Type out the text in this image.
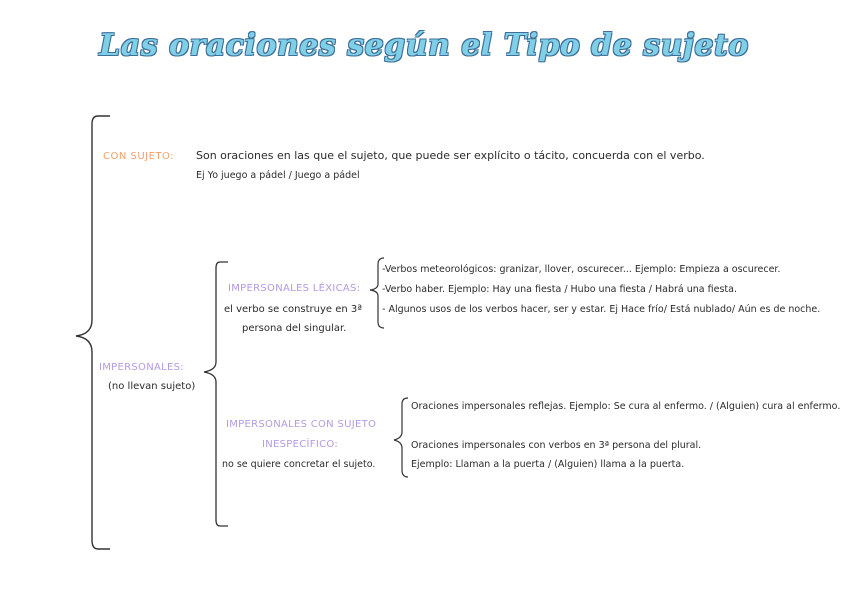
Las oraciones según el Tipo de sujeto
CON SUJETO: Son oraciones en las que el sujeto, que puede ser explícito o tácito, concuerda con el verbo.
Ej Yo juego a pádel / Juego a pádel
IMPERSONALES:
(no llevan sujeto)
IMPERSONALES LÉXICAS:
el verbo se construye en 3ª
persona del singular.
-Verbos meteorológicos: granizar, llover, oscurecer... Ejemplo: Empieza a oscurecer.
-Verbo haber. Ejemplo: Hay una fiesta / Hubo una fiesta / Habrá una fiesta.
- Algunos usos de los verbos hacer, ser y estar. Ej Hace frío/ Está nublado/ Aún es de noche.
IMPERSONALES CON SUJETO
INESPECÍFICO:
no se quiere concretar el sujeto.
Oraciones impersonales reflejas. Ejemplo: Se cura al enfermo. / (Alguien) cura al enfermo.
Oraciones impersonales con verbos en 3ª persona del plural.
Ejemplo: Llaman a la puerta / (Alguien) llama a la puerta.
